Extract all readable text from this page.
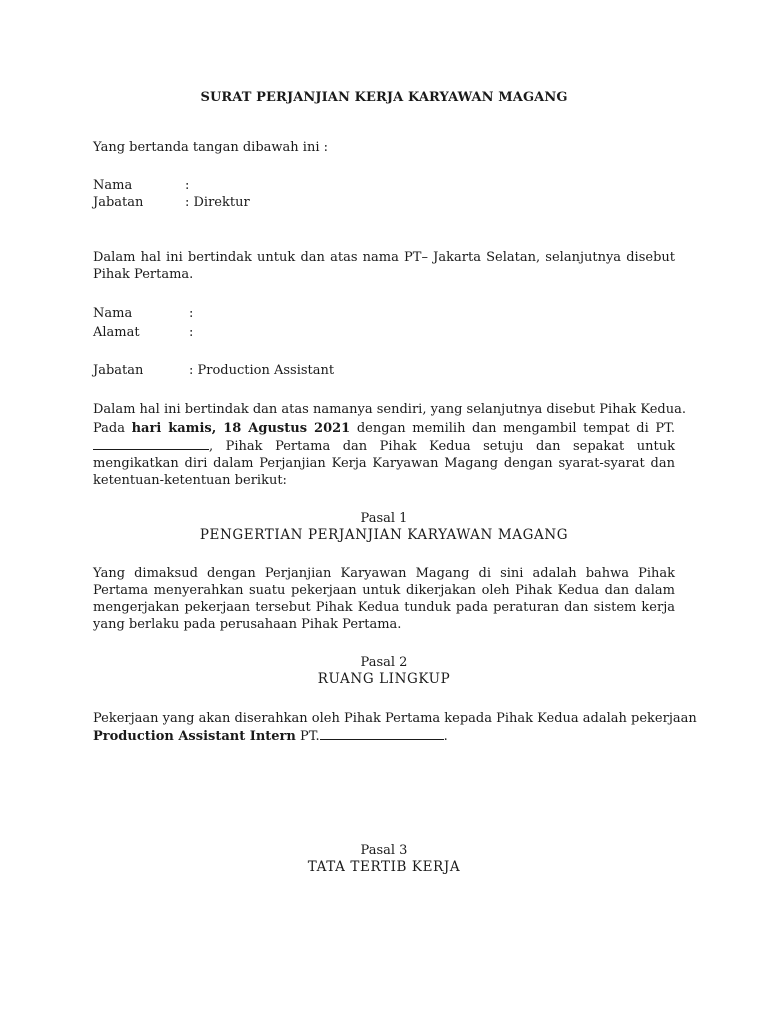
SURAT PERJANJIAN KERJA KARYAWAN MAGANG
Yang bertanda tangan dibawah ini :
Nama	:
Jabatan	: Direktur
Dalam hal ini bertindak untuk dan atas nama PT– Jakarta Selatan, selanjutnya disebut Pihak Pertama.
Nama	:
Alamat	:
Jabatan	: Production Assistant
Dalam hal ini bertindak dan atas namanya sendiri, yang selanjutnya disebut Pihak Kedua.
Pada hari kamis, 18 Agustus 2021 dengan memilih dan mengambil tempat di PT. , Pihak Pertama dan Pihak Kedua setuju dan sepakat untuk mengikatkan diri dalam Perjanjian Kerja Karyawan Magang dengan syarat-syarat dan ketentuan-ketentuan berikut:
Pasal 1
PENGERTIAN PERJANJIAN KARYAWAN MAGANG
Yang dimaksud dengan Perjanjian Karyawan Magang di sini adalah bahwa Pihak Pertama menyerahkan suatu pekerjaan untuk dikerjakan oleh Pihak Kedua dan dalam mengerjakan pekerjaan tersebut Pihak Kedua tunduk pada peraturan dan sistem kerja yang berlaku pada perusahaan Pihak Pertama.
Pasal 2
RUANG LINGKUP
Pekerjaan yang akan diserahkan oleh Pihak Pertama kepada Pihak Kedua adalah pekerjaan
Production Assistant Intern PT.	.
Pasal 3
TATA TERTIB KERJA
